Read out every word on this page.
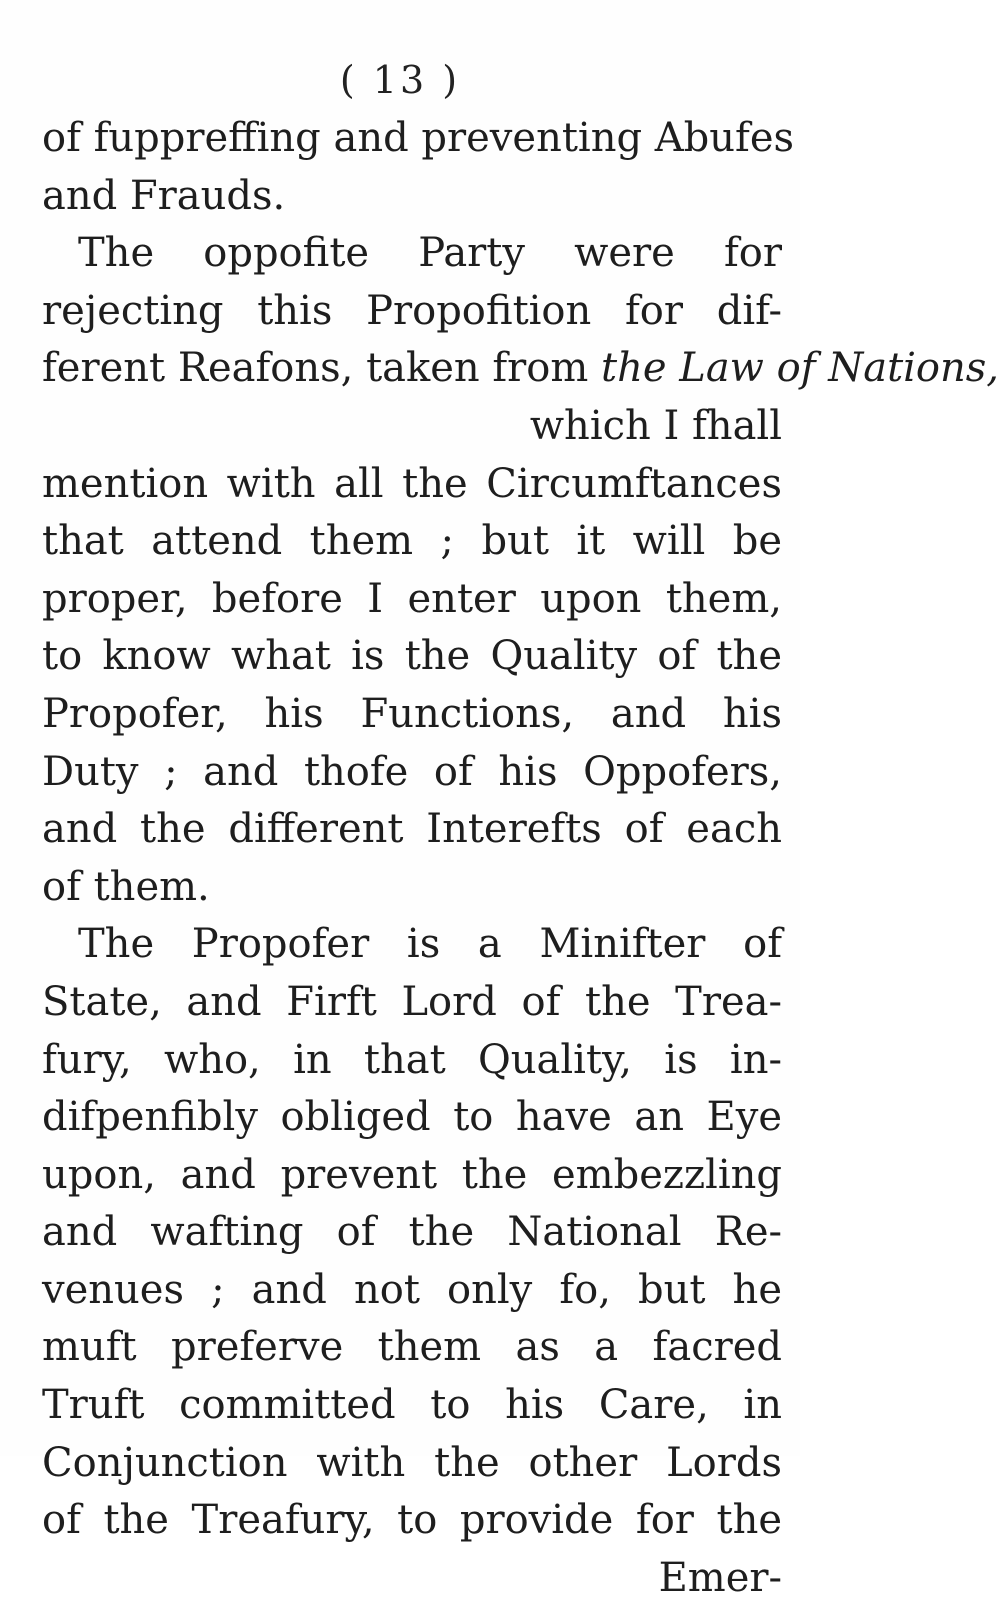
( 13 )
of fuppreffing and preventing Abufes
and Frauds.
The oppofite Party were for
rejecting this Propofition for dif-
ferent Reafons, taken from the Law of Nations,
which I fhall
mention with all the Circumftances
that attend them ; but it will be
proper, before I enter upon them,
to know what is the Quality of the
Propofer, his Functions, and his
Duty ; and thofe of his Oppofers,
and the different Interefts of each
of them.
The Propofer is a Minifter of
State, and Firft Lord of the Trea-
fury, who, in that Quality, is in-
difpenfibly obliged to have an Eye
upon, and prevent the embezzling
and wafting of the National Re-
venues ; and not only fo, but he
muft preferve them as a facred
Truft committed to his Care, in
Conjunction with the other Lords
of the Treafury, to provide for the
Emer-
